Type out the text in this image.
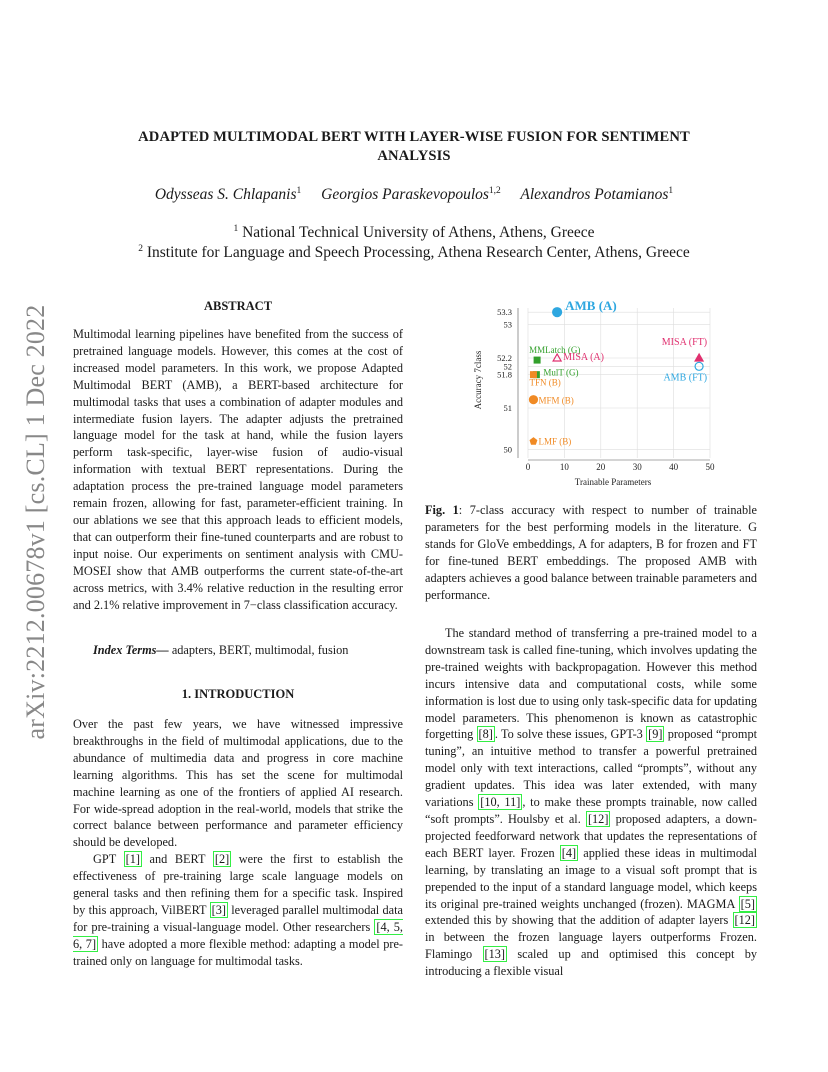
ADAPTED MULTIMODAL BERT WITH LAYER-WISE FUSION FOR SENTIMENT
ANALYSIS
Odysseas S. Chlapanis$^1$ Georgios Paraskevopoulos$^{1,2}$ Alexandros Potamianos$^1$
$^1$ National Technical University of Athens, Athens, Greece
$^2$ Institute for Language and Speech Processing, Athena Research Center, Athens, Greece
arXiv:2212.00678v1 [cs.CL] 1 Dec 2022	ABSTRACT

Multimodal learning pipelines have benefited from the success of pretrained language models. However, this comes at the cost of increased model parameters. In this work, we propose Adapted Multimodal BERT (AMB), a BERT-based architecture for multimodal tasks that uses a combination of adapter modules and intermediate fusion layers. The adapter adjusts the pretrained language model for the task at hand, while the fusion layers perform task-specific, layer-wise fusion of audio-visual information with textual BERT representations. During the adaptation process the pre-trained language model parameters remain frozen, allowing for fast, parameter-efficient training. In our ablations we see that this approach leads to efficient models, that can outperform their fine-tuned counterparts and are robust to input noise. Our experiments on sentiment analysis with CMU-MOSEI show that AMB outperforms the current state-of-the-art across metrics, with 3.4% relative reduction in the resulting error and 2.1% relative improvement in 7−class classification accuracy.

Index Terms— adapters, BERT, multimodal, fusion

1. INTRODUCTION

Over the past few years, we have witnessed impressive breakthroughs in the field of multimodal applications, due to the abundance of multimedia data and progress in core machine learning algorithms. This has set the scene for multimodal machine learning as one of the frontiers of applied AI research. For wide-spread adoption in the real-world, models that strike the correct balance between performance and parameter efficiency should be developed.

GPT [1] and BERT [2] were the first to establish the effectiveness of pre-training large scale language models on general tasks and then refining them for a specific task. Inspired by this approach, VilBERT [3] leveraged parallel multimodal data for pre-training a visual-language model. Other researchers [4, 5, 6, 7] have adopted a more flexible method: adapting a model pre-trained only on language for multimodal tasks.

0	10	20	30	40	50
53.3
53
52.2
52
51.8
51
50
AMB (A)
MMLatch (G)
MISA (A)
MISA (FT)
AMB (FT)
MulT (G)
TFN (B)
MFM (B)
LMF (B)
Trainable Parameters
Accuracy 7class
Fig. 1: 7-class accuracy with respect to number of trainable parameters for the best performing models in the literature. G stands for GloVe embeddings, A for adapters, B for frozen and FT for fine-tuned BERT embeddings. The proposed AMB with adapters achieves a good balance between trainable parameters and performance.

The standard method of transferring a pre-trained model to a downstream task is called fine-tuning, which involves updating the pre-trained weights with backpropagation. However this method incurs intensive data and computational costs, while some information is lost due to using only task-specific data for updating model parameters. This phenomenon is known as catastrophic forgetting [8] . To solve these issues, GPT-3 [9] proposed “prompt tuning”, an intuitive method to transfer a powerful pretrained model only with text interactions, called “prompts”, without any gradient updates. This idea was later extended, with many variations [10, 11] , to make these prompts trainable, now called “soft prompts”. Houlsby et al. [12] proposed adapters, a down-projected feedforward network that updates the representations of each BERT layer. Frozen [4] applied these ideas in multimodal learning, by translating an image to a visual soft prompt that is prepended to the input of a standard language model, which keeps its original pre-trained weights unchanged (frozen). MAGMA [5] extended this by showing that the addition of adapter layers [12] in between the frozen language layers outperforms Frozen. Flamingo [13] scaled up and optimised this concept by introducing a flexible visual
